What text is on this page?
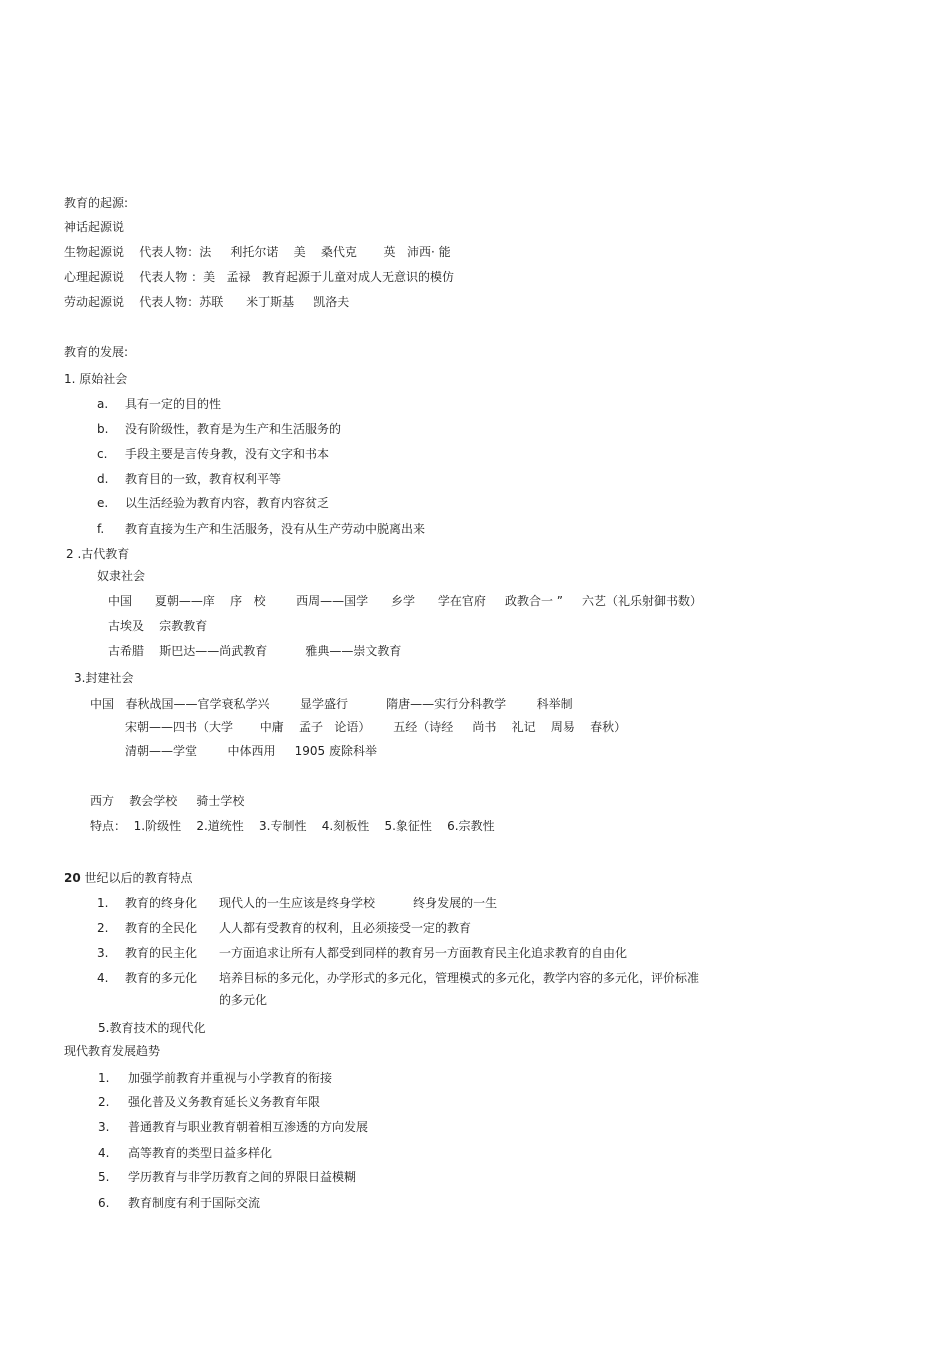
教育的起源:
神话起源说
生物起源说    代表人物：法     利托尔诺    美    桑代克       英   沛西· 能
心理起源说    代表人物 ：美   孟禄   教育起源于儿童对成人无意识的模仿
劳动起源说    代表人物：苏联      米丁斯基     凯洛夫
教育的发展:
1. 原始社会
a. 具有一定的目的性
b. 没有阶级性，教育是为生产和生活服务的
c. 手段主要是言传身教，没有文字和书本
d. 教育目的一致，教育权利平等
e. 以生活经验为教育内容，教育内容贫乏
f. 教育直接为生产和生活服务，没有从生产劳动中脱离出来
2 .古代教育
奴隶社会
中国      夏朝——庠    序   校        西周——国学      乡学      学在官府     政教合一 ”     六艺（礼乐射御书数）
古埃及    宗教教育
古希腊    斯巴达——尚武教育          雅典——崇文教育
3.封建社会
中国   春秋战国——官学衰私学兴        显学盛行          隋唐——实行分科教学        科举制
宋朝——四书（大学       中庸    孟子   论语）      五经（诗经     尚书    礼记    周易    春秋）
清朝——学堂        中体西用     1905 废除科举
西方    教会学校     骑士学校
特点：  1.阶级性    2.道统性    3.专制性    4.刻板性    5.象征性    6.宗教性
20 世纪以后的教育特点
1. 教育的终身化 现代人的一生应该是终身学校          终身发展的一生
2. 教育的全民化 人人都有受教育的权利，且必须接受一定的教育
3. 教育的民主化 一方面追求让所有人都受到同样的教育另一方面教育民主化追求教育的自由化
4. 教育的多元化 培养目标的多元化，办学形式的多元化，管理模式的多元化，教学内容的多元化，评价标准
的多元化
5.教育技术的现代化
现代教育发展趋势
1. 加强学前教育并重视与小学教育的衔接
2. 强化普及义务教育延长义务教育年限
3. 普通教育与职业教育朝着相互渗透的方向发展
4. 高等教育的类型日益多样化
5. 学历教育与非学历教育之间的界限日益模糊
6. 教育制度有利于国际交流
